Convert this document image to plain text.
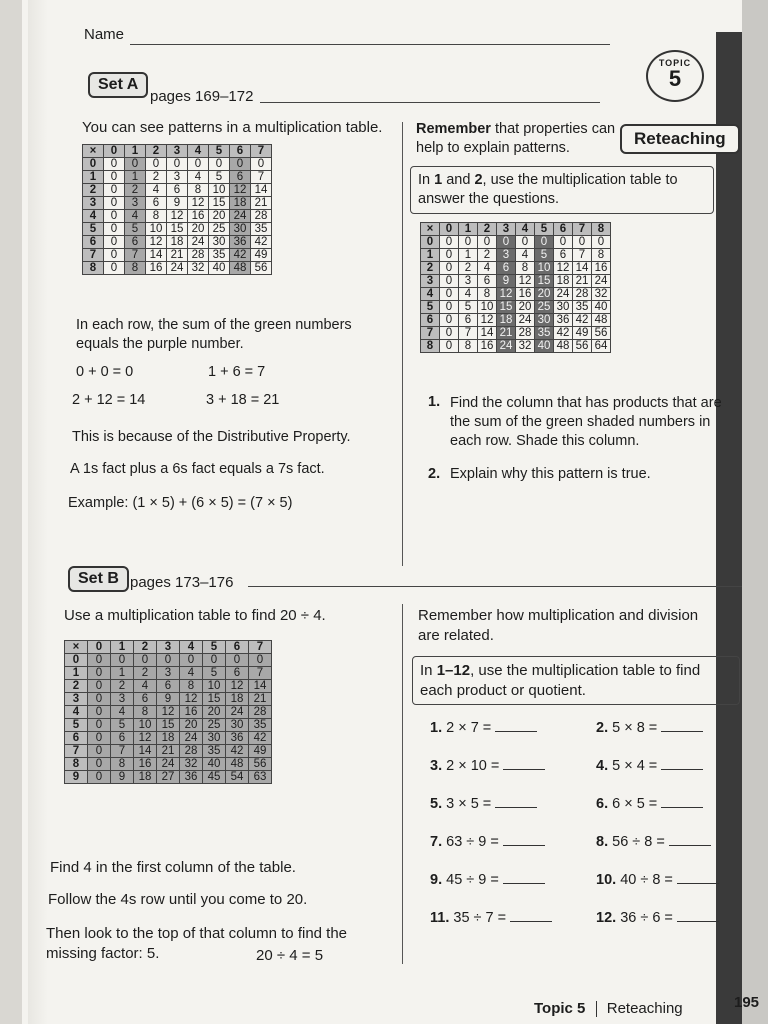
Name
TOPIC
5
Set A
pages 169–172
You can see patterns in a multiplication table.
×	0	1	2	3	4	5	6	7
0	0	0	0	0	0	0	0	0
1	0	1	2	3	4	5	6	7
2	0	2	4	6	8	10	12	14
3	0	3	6	9	12	15	18	21
4	0	4	8	12	16	20	24	28
5	0	5	10	15	20	25	30	35
6	0	6	12	18	24	30	36	42
7	0	7	14	21	28	35	42	49
8	0	8	16	24	32	40	48	56
In each row, the sum of the green numbers equals the purple number.
0 + 0 = 0	1 + 6 = 7
2 + 12 = 14	3 + 18 = 21
This is because of the Distributive Property.
A 1s fact plus a 6s fact equals a 7s fact.
Example: (1 × 5) + (6 × 5) = (7 × 5)
Remember that properties can help to explain patterns.	Reteaching
In 1 and 2, use the multiplication table to answer the questions.
×	0	1	2	3	4	5	6	7	8
0	0	0	0	0	0	0	0	0	0
1	0	1	2	3	4	5	6	7	8
2	0	2	4	6	8	10	12	14	16
3	0	3	6	9	12	15	18	21	24
4	0	4	8	12	16	20	24	28	32
5	0	5	10	15	20	25	30	35	40
6	0	6	12	18	24	30	36	42	48
7	0	7	14	21	28	35	42	49	56
8	0	8	16	24	32	40	48	56	64
1. Find the column that has products that are the sum of the green shaded numbers in each row. Shade this column.
2. Explain why this pattern is true.
Set B pages 173–176
Use a multiplication table to find 20 ÷ 4.
×	0	1	2	3	4	5	6	7
0	0	0	0	0	0	0	0	0
1	0	1	2	3	4	5	6	7
2	0	2	4	6	8	10	12	14
3	0	3	6	9	12	15	18	21
4	0	4	8	12	16	20	24	28
5	0	5	10	15	20	25	30	35
6	0	6	12	18	24	30	36	42
7	0	7	14	21	28	35	42	49
8	0	8	16	24	32	40	48	56
9	0	9	18	27	36	45	54	63
Find 4 in the first column of the table.
Follow the 4s row until you come to 20.
Then look to the top of that column to find the missing factor: 5.	20 ÷ 4 = 5
Remember how multiplication and division are related.
In 1–12, use the multiplication table to find each product or quotient.
1. 2 × 7 =	2. 5 × 8 =
3. 2 × 10 =	4. 5 × 4 =
5. 3 × 5 =	6. 6 × 5 =
7. 63 ÷ 9 =	8. 56 ÷ 8 =
9. 45 ÷ 9 =	10. 40 ÷ 8 =
11. 35 ÷ 7 =	12. 36 ÷ 6 =
Topic 5 Reteaching	195
